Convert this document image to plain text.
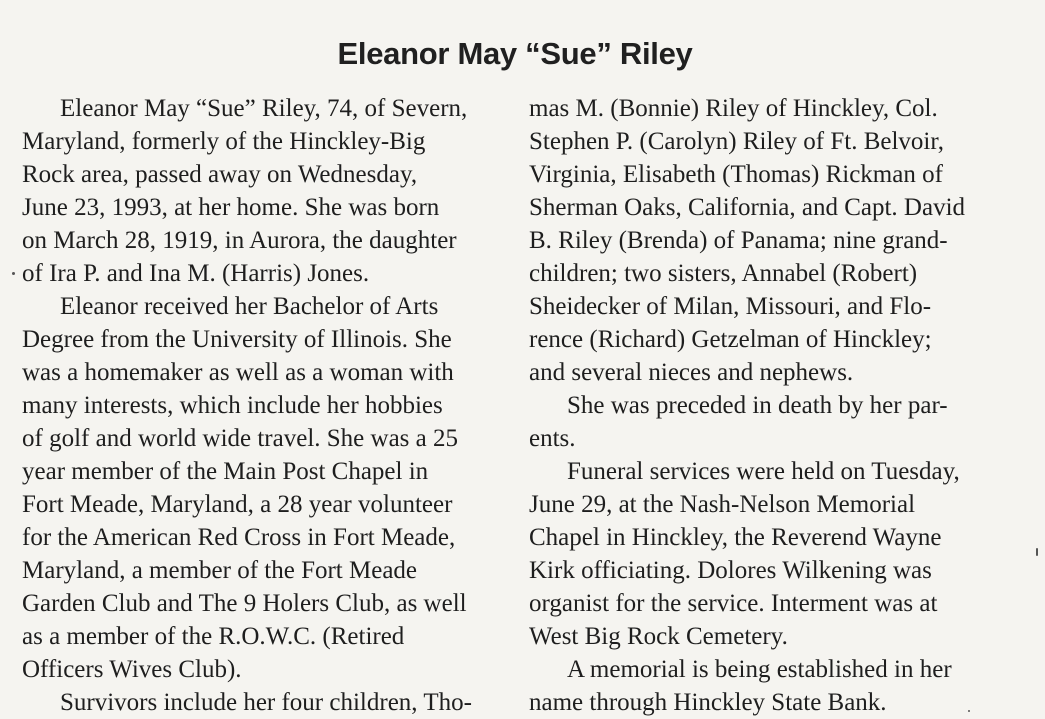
Eleanor May “Sue” Riley
Eleanor May “Sue” Riley, 74, of Severn,
Maryland, formerly of the Hinckley-Big
Rock area, passed away on Wednesday,
June 23, 1993, at her home. She was born
on March 28, 1919, in Aurora, the daughter
of Ira P. and Ina M. (Harris) Jones.
Eleanor received her Bachelor of Arts
Degree from the University of Illinois. She
was a homemaker as well as a woman with
many interests, which include her hobbies
of golf and world wide travel. She was a 25
year member of the Main Post Chapel in
Fort Meade, Maryland, a 28 year volunteer
for the American Red Cross in Fort Meade,
Maryland, a member of the Fort Meade
Garden Club and The 9 Holers Club, as well
as a member of the R.O.W.C. (Retired
Officers Wives Club).
Survivors include her four children, Tho-
mas M. (Bonnie) Riley of Hinckley, Col.
Stephen P. (Carolyn) Riley of Ft. Belvoir,
Virginia, Elisabeth (Thomas) Rickman of
Sherman Oaks, California, and Capt. David
B. Riley (Brenda) of Panama; nine grand-
children; two sisters, Annabel (Robert)
Sheidecker of Milan, Missouri, and Flo-
rence (Richard) Getzelman of Hinckley;
and several nieces and nephews.
She was preceded in death by her par-
ents.
Funeral services were held on Tuesday,
June 29, at the Nash-Nelson Memorial
Chapel in Hinckley, the Reverend Wayne
Kirk officiating. Dolores Wilkening was
organist for the service. Interment was at
West Big Rock Cemetery.
A memorial is being established in her
name through Hinckley State Bank.
